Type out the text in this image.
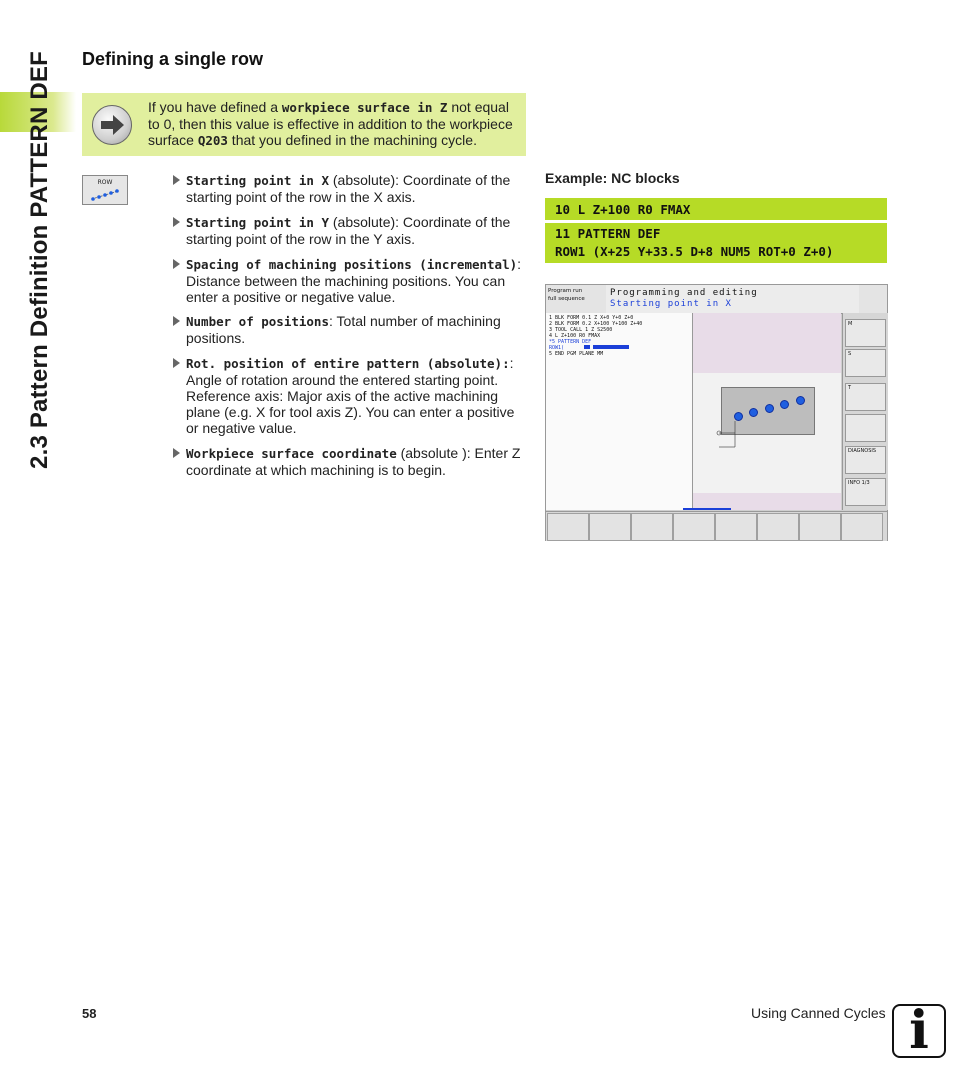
2.3 Pattern Definition PATTERN DEF Defining a single row
If you have defined a workpiece surface in Z not equal to 0, then this value is effective in addition to the workpiece surface Q203 that you defined in the machining cycle.
ROW	Starting point in X (absolute): Coordinate of the starting point of the row in the X axis.
Starting point in Y (absolute): Coordinate of the starting point of the row in the Y axis.
Spacing of machining positions (incremental): Distance between the machining positions. You can enter a positive or negative value.
Number of positions: Total number of machining positions.
Rot. position of entire pattern (absolute):: Angle of rotation around the entered starting point. Reference axis: Major axis of the active machining plane (e.g. X for tool axis Z). You can enter a positive or negative value.
Workpiece surface coordinate (absolute ): Enter Z coordinate at which machining is to begin.
Example: NC blocks
10 L Z+100 R0 FMAX
11 PATTERN DEF
ROW1 (X+25 Y+33.5 D+8 NUM5 ROT+0 Z+0)
Program run
full sequence
Programming and editing
Starting point in X
1 BLK FORM 0.1 Z X+0 Y+0 Z+0
2 BLK FORM 0.2 X+100 Y+100 Z+40
3 TOOL CALL 1 Z S2500
4 L Z+100 R0 FMAX
*5 PATTERN DEF
ROW1(
5 END PGM PLANE MM
M
S
T
DIAGNOSIS
INFO 1/3
58	Using Canned Cycles i
